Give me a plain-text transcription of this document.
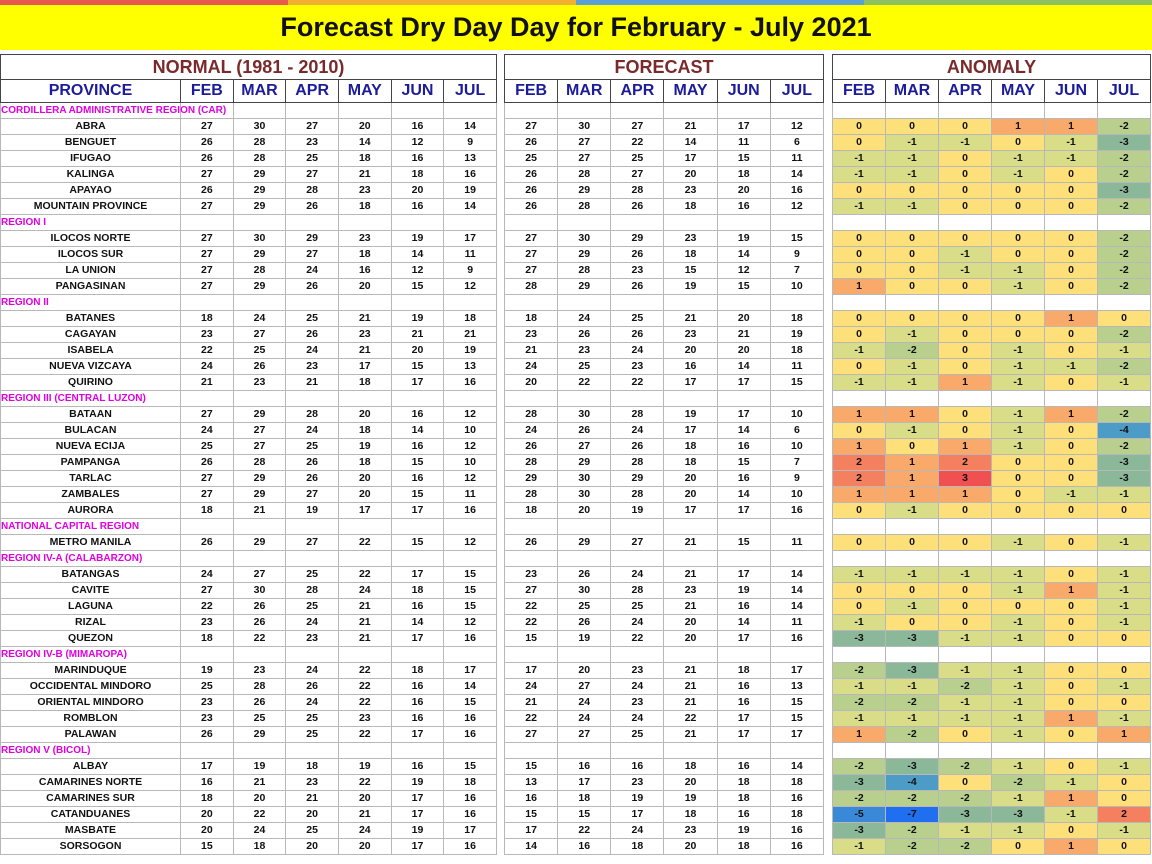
Forecast Dry Day Day for February - July 2021
NORMAL (1981 - 2010)						
PROVINCE	FEB	MAR	APR	MAY	JUN	JUL
CORDILLERA ADMINISTRATIVE REGION (CAR)						
ABRA	27	30	27	20	16	14
BENGUET	26	28	23	14	12	9
IFUGAO	26	28	25	18	16	13
KALINGA	27	29	27	21	18	16
APAYAO	26	29	28	23	20	19
MOUNTAIN PROVINCE	27	29	26	18	16	14
REGION I						
ILOCOS NORTE	27	30	29	23	19	17
ILOCOS SUR	27	29	27	18	14	11
LA UNION	27	28	24	16	12	9
PANGASINAN	27	29	26	20	15	12
REGION II						
BATANES	18	24	25	21	19	18
CAGAYAN	23	27	26	23	21	21
ISABELA	22	25	24	21	20	19
NUEVA VIZCAYA	24	26	23	17	15	13
QUIRINO	21	23	21	18	17	16
REGION III (CENTRAL LUZON)						
BATAAN	27	29	28	20	16	12
BULACAN	24	27	24	18	14	10
NUEVA ECIJA	25	27	25	19	16	12
PAMPANGA	26	28	26	18	15	10
TARLAC	27	29	26	20	16	12
ZAMBALES	27	29	27	20	15	11
AURORA	18	21	19	17	17	16
NATIONAL CAPITAL REGION						
METRO MANILA	26	29	27	22	15	12
REGION IV-A (CALABARZON)						
BATANGAS	24	27	25	22	17	15
CAVITE	27	30	28	24	18	15
LAGUNA	22	26	25	21	16	15
RIZAL	23	26	24	21	14	12
QUEZON	18	22	23	21	17	16
REGION IV-B (MIMAROPA)						
MARINDUQUE	19	23	24	22	18	17
OCCIDENTAL MINDORO	25	28	26	22	16	14
ORIENTAL MINDORO	23	26	24	22	16	15
ROMBLON	23	25	25	23	16	16
PALAWAN	26	29	25	22	17	16
REGION V (BICOL)						
ALBAY	17	19	18	19	16	15
CAMARINES NORTE	16	21	23	22	19	18
CAMARINES SUR	18	20	21	20	17	16
CATANDUANES	20	22	20	21	17	16
MASBATE	20	24	25	24	19	17
SORSOGON	15	18	20	20	17	16
FORECAST					
FEB	MAR	APR	MAY	JUN	JUL

27	30	27	21	17	12
26	27	22	14	11	6
25	27	25	17	15	11
26	28	27	20	18	14
26	29	28	23	20	16
26	28	26	18	16	12

27	30	29	23	19	15
27	29	26	18	14	9
27	28	23	15	12	7
28	29	26	19	15	10

18	24	25	21	20	18
23	26	26	23	21	19
21	23	24	20	20	18
24	25	23	16	14	11
20	22	22	17	17	15

28	30	28	19	17	10
24	26	24	17	14	6
26	27	26	18	16	10
28	29	28	18	15	7
29	30	29	20	16	9
28	30	28	20	14	10
18	20	19	17	17	16

26	29	27	21	15	11

23	26	24	21	17	14
27	30	28	23	19	14
22	25	25	21	16	14
22	26	24	20	14	11
15	19	22	20	17	16

17	20	23	21	18	17
24	27	24	21	16	13
21	24	23	21	16	15
22	24	24	22	17	15
27	27	25	21	17	17

15	16	16	18	16	14
13	17	23	20	18	18
16	18	19	19	18	16
15	15	17	18	16	18
17	22	24	23	19	16
14	16	18	20	18	16
ANOMALY					
FEB	MAR	APR	MAY	JUN	JUL

0	0	0	1	1	-2
0	-1	-1	0	-1	-3
-1	-1	0	-1	-1	-2
-1	-1	0	-1	0	-2
0	0	0	0	0	-3
-1	-1	0	0	0	-2

0	0	0	0	0	-2
0	0	-1	0	0	-2
0	0	-1	-1	0	-2
1	0	0	-1	0	-2

0	0	0	0	1	0
0	-1	0	0	0	-2
-1	-2	0	-1	0	-1
0	-1	0	-1	-1	-2
-1	-1	1	-1	0	-1

1	1	0	-1	1	-2
0	-1	0	-1	0	-4
1	0	1	-1	0	-2
2	1	2	0	0	-3
2	1	3	0	0	-3
1	1	1	0	-1	-1
0	-1	0	0	0	0

0	0	0	-1	0	-1

-1	-1	-1	-1	0	-1
0	0	0	-1	1	-1
0	-1	0	0	0	-1
-1	0	0	-1	0	-1
-3	-3	-1	-1	0	0

-2	-3	-1	-1	0	0
-1	-1	-2	-1	0	-1
-2	-2	-1	-1	0	0
-1	-1	-1	-1	1	-1
1	-2	0	-1	0	1

-2	-3	-2	-1	0	-1
-3	-4	0	-2	-1	0
-2	-2	-2	-1	1	0
-5	-7	-3	-3	-1	2
-3	-2	-1	-1	0	-1
-1	-2	-2	0	1	0
